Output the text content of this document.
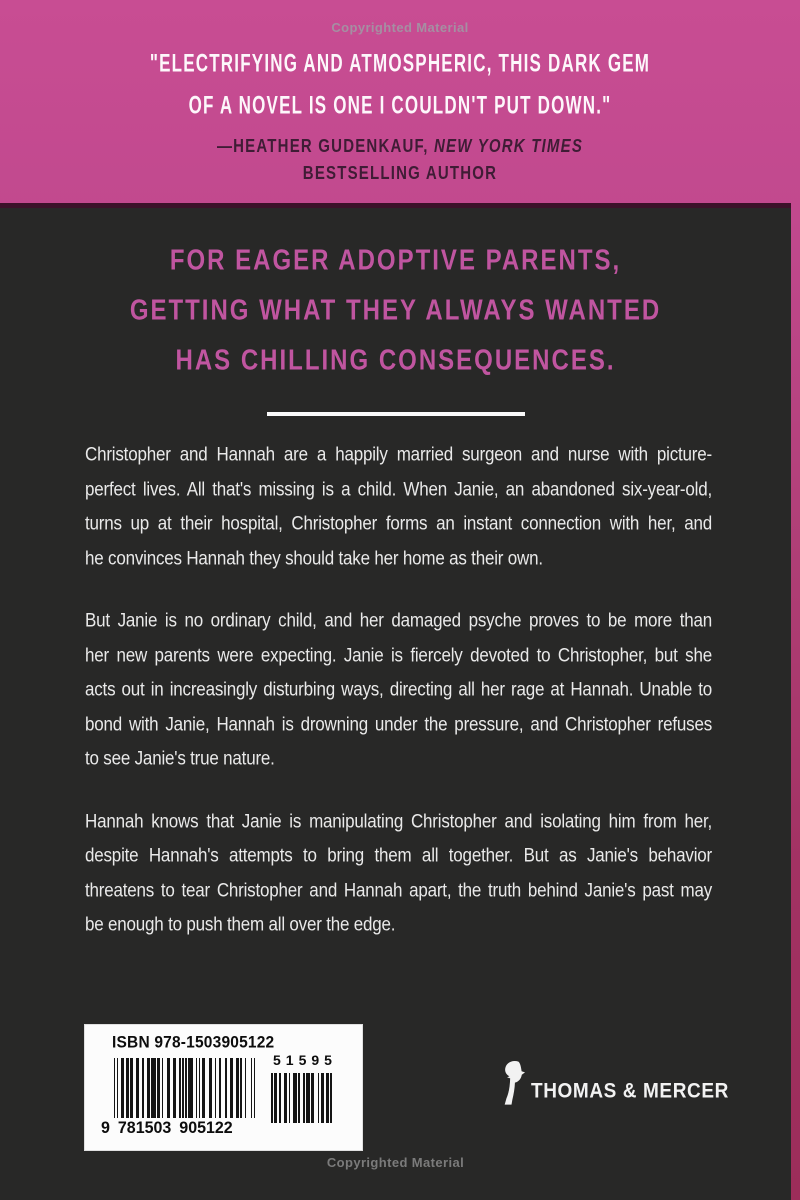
Copyrighted Material
"ELECTRIFYING AND ATMOSPHERIC, THIS DARK GEM
OF A NOVEL IS ONE I COULDN'T PUT DOWN."
—HEATHER GUDENKAUF, NEW YORK TIMES
BESTSELLING AUTHOR
FOR EAGER ADOPTIVE PARENTS,
GETTING WHAT THEY ALWAYS WANTED
HAS CHILLING CONSEQUENCES.
Christopher and Hannah are a happily married surgeon and nurse with picture-
perfect lives. All that's missing is a child. When Janie, an abandoned six-year-old,
turns up at their hospital, Christopher forms an instant connection with her, and
he convinces Hannah they should take her home as their own.
But Janie is no ordinary child, and her damaged psyche proves to be more than
her new parents were expecting. Janie is fiercely devoted to Christopher, but she
acts out in increasingly disturbing ways, directing all her rage at Hannah. Unable to
bond with Janie, Hannah is drowning under the pressure, and Christopher refuses
to see Janie's true nature.
Hannah knows that Janie is manipulating Christopher and isolating him from her,
despite Hannah's attempts to bring them all together. But as Janie's behavior
threatens to tear Christopher and Hannah apart, the truth behind Janie's past may
be enough to push them all over the edge.
ISBN 978-1503905122
51595
9 781503 905122
THOMAS & MERCER
Copyrighted Material
